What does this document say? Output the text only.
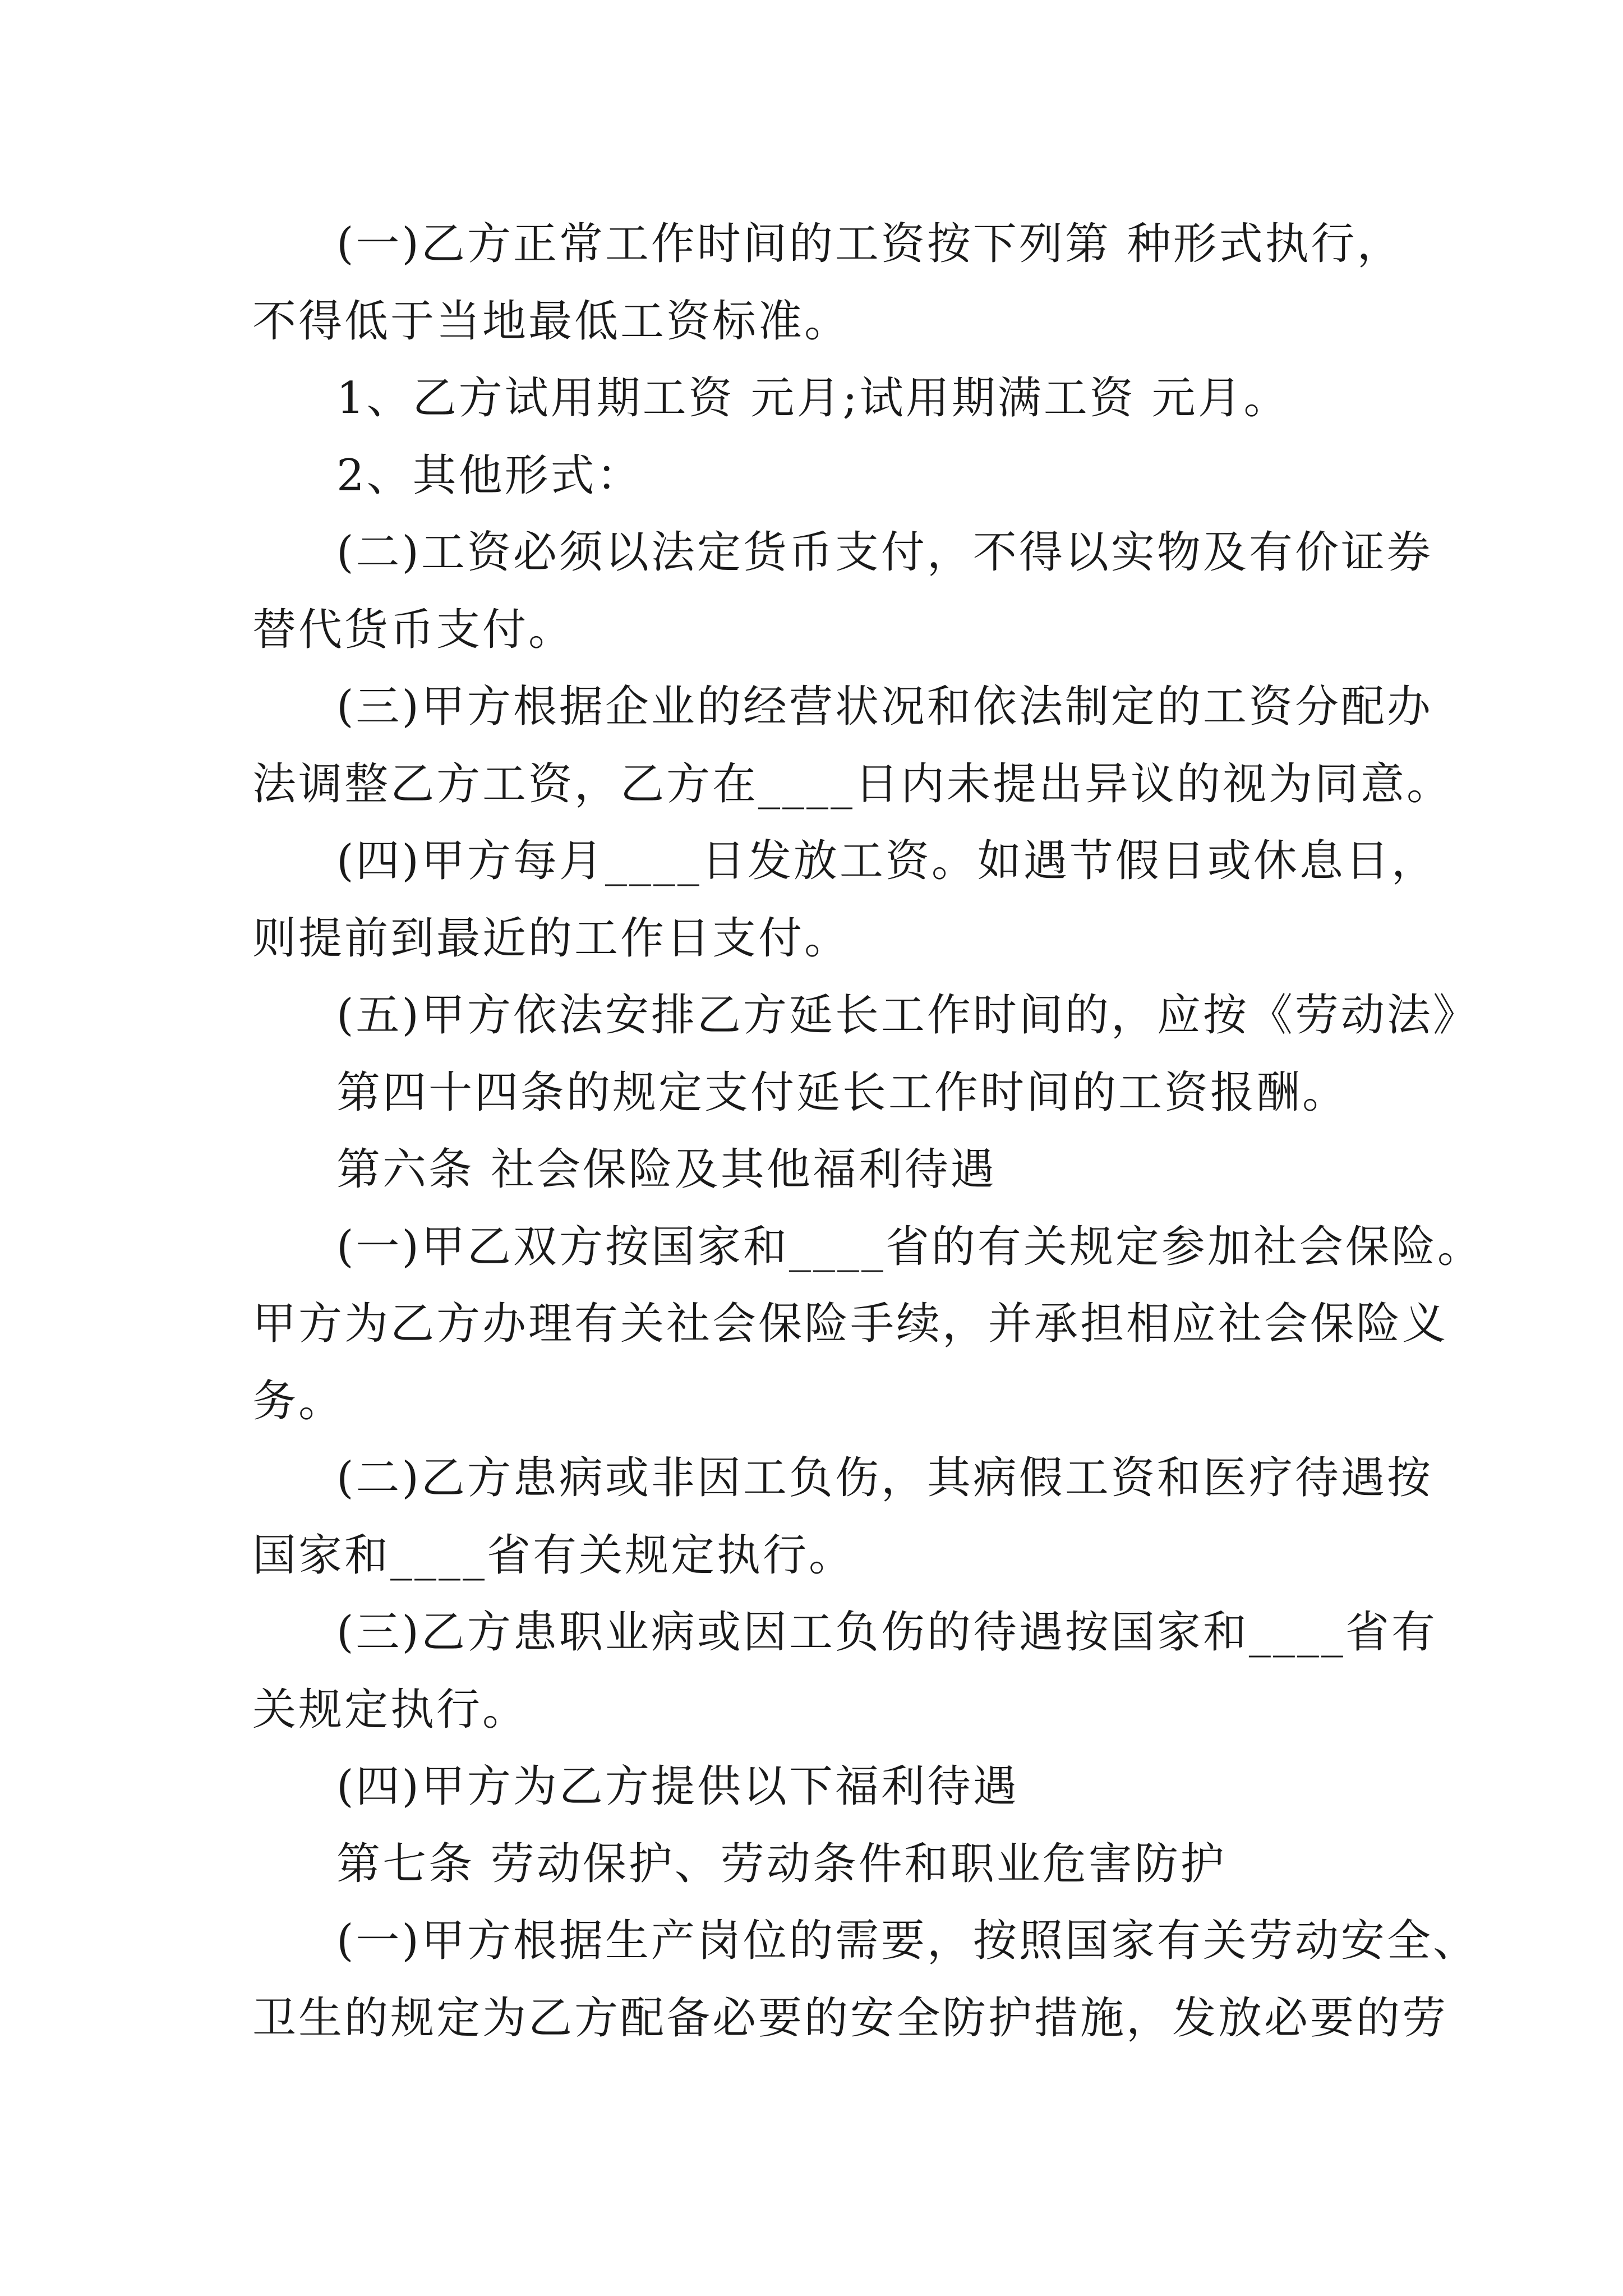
(一)乙方正常工作时间的工资按下列第 种形式执行，
不得低于当地最低工资标准。
1、乙方试用期工资 元月;试用期满工资 元月。
2、其他形式：
(二)工资必须以法定货币支付，不得以实物及有价证券
替代货币支付。
(三)甲方根据企业的经营状况和依法制定的工资分配办
法调整乙方工资，乙方在____日内未提出异议的视为同意。
(四)甲方每月____日发放工资。如遇节假日或休息日，
则提前到最近的工作日支付。
(五)甲方依法安排乙方延长工作时间的，应按《劳动法》
第四十四条的规定支付延长工作时间的工资报酬。
第六条 社会保险及其他福利待遇
(一)甲乙双方按国家和____省的有关规定参加社会保险。
甲方为乙方办理有关社会保险手续，并承担相应社会保险义
务。
(二)乙方患病或非因工负伤，其病假工资和医疗待遇按
国家和____省有关规定执行。
(三)乙方患职业病或因工负伤的待遇按国家和____省有
关规定执行。
(四)甲方为乙方提供以下福利待遇
第七条 劳动保护、劳动条件和职业危害防护
(一)甲方根据生产岗位的需要，按照国家有关劳动安全、
卫生的规定为乙方配备必要的安全防护措施，发放必要的劳
